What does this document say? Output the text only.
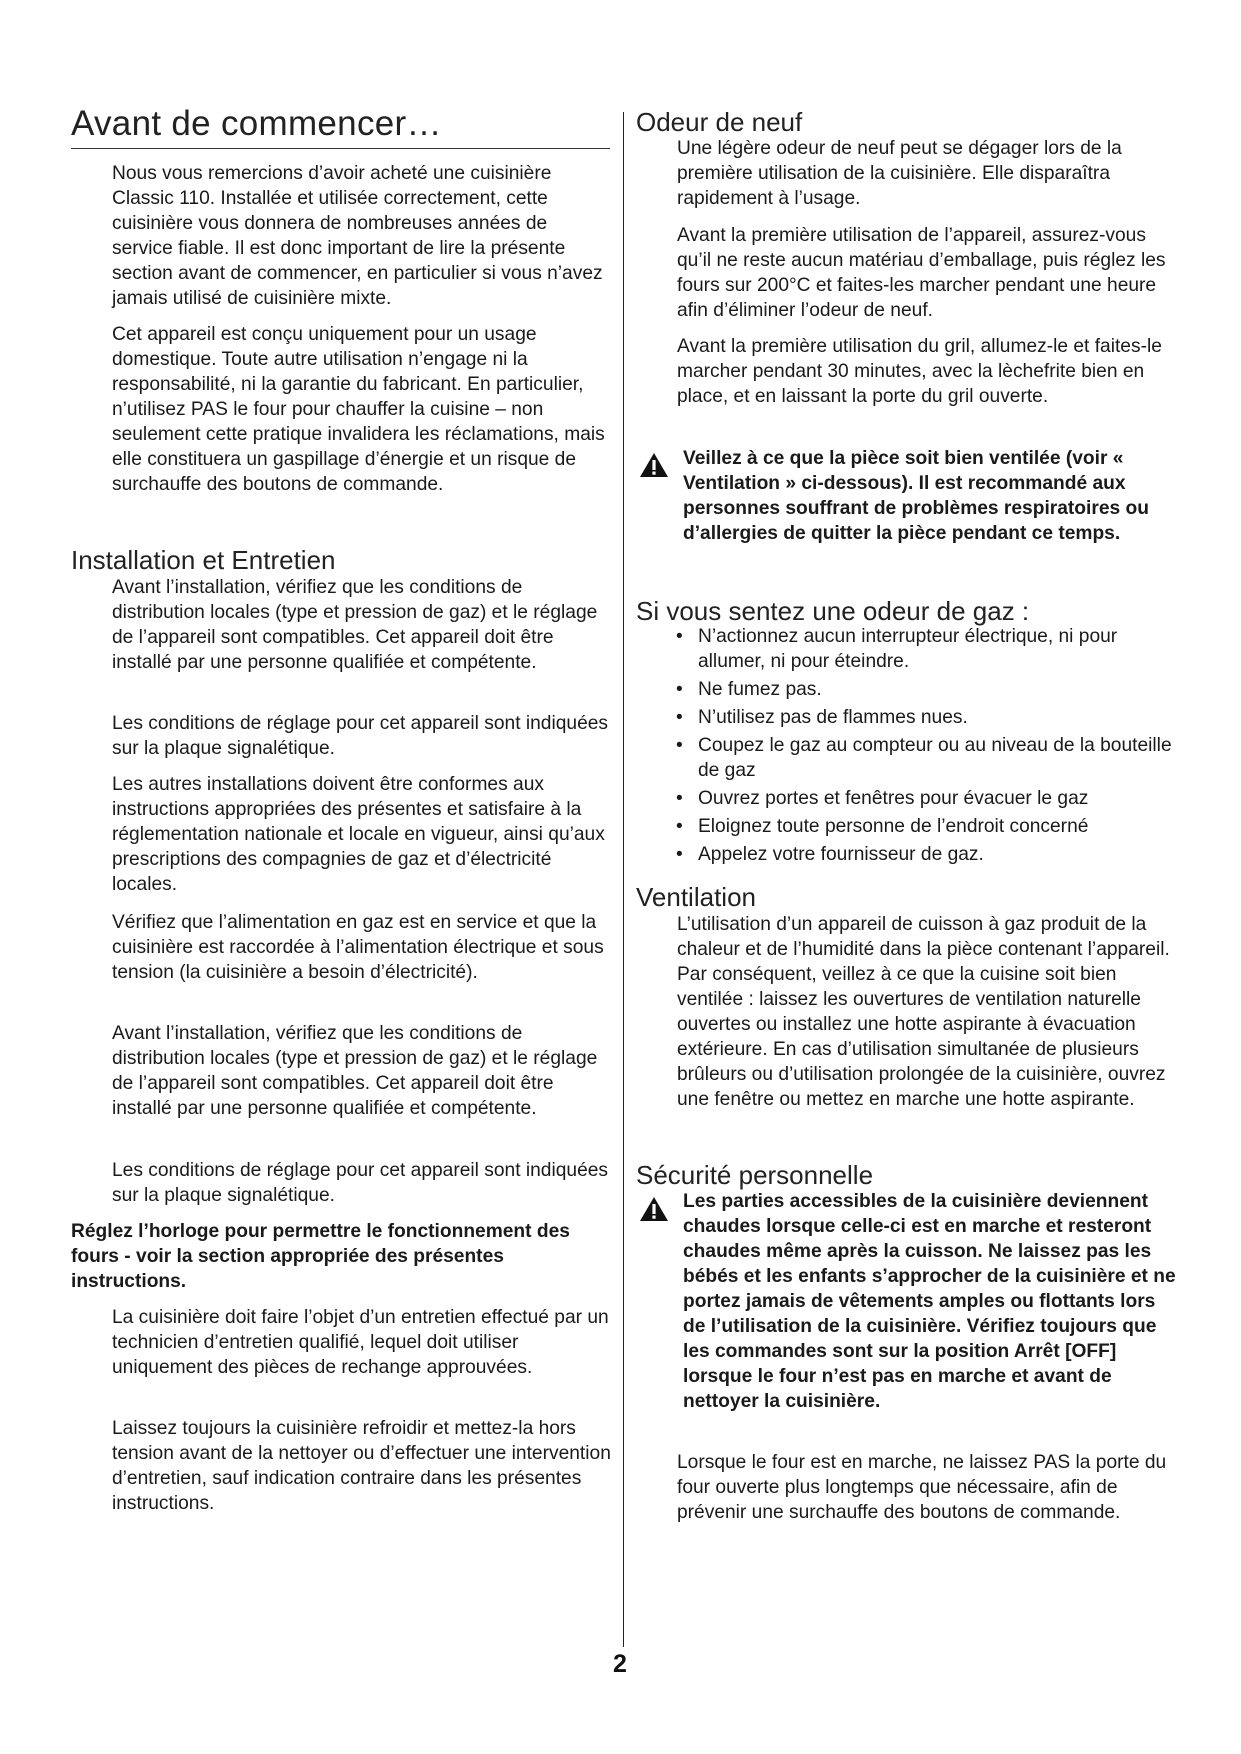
Avant de commencer…

Nous vous remercions d’avoir acheté une cuisinière Classic 110. Installée et utilisée correctement, cette cuisinière vous donnera de nombreuses années de service fiable. Il est donc important de lire la présente section avant de commencer, en particulier si vous n’avez jamais utilisé de cuisinière mixte.

Cet appareil est conçu uniquement pour un usage domestique. Toute autre utilisation n’engage ni la responsabilité, ni la garantie du fabricant. En particulier, n’utilisez PAS le four pour chauffer la cuisine – non seulement cette pratique invalidera les réclamations, mais elle constituera un gaspillage d’énergie et un risque de surchauffe des boutons de commande.

Installation et Entretien

Avant l’installation, vérifiez que les conditions de distribution locales (type et pression de gaz) et le réglage de l’appareil sont compatibles. Cet appareil doit être installé par une personne qualifiée et compétente.

Les conditions de réglage pour cet appareil sont indiquées sur la plaque signalétique.

Les autres installations doivent être conformes aux instructions appropriées des présentes et satisfaire à la réglementation nationale et locale en vigueur, ainsi qu’aux prescriptions des compagnies de gaz et d’électricité locales.

Vérifiez que l’alimentation en gaz est en service et que la cuisinière est raccordée à l’alimentation électrique et sous tension (la cuisinière a besoin d’électricité).

Avant l’installation, vérifiez que les conditions de distribution locales (type et pression de gaz) et le réglage de l’appareil sont compatibles. Cet appareil doit être installé par une personne qualifiée et compétente.

Les conditions de réglage pour cet appareil sont indiquées sur la plaque signalétique.

Réglez l’horloge pour permettre le fonctionnement des fours - voir la section appropriée des présentes instructions.

La cuisinière doit faire l’objet d’un entretien effectué par un technicien d’entretien qualifié, lequel doit utiliser uniquement des pièces de rechange approuvées.

Laissez toujours la cuisinière refroidir et mettez-la hors tension avant de la nettoyer ou d’effectuer une intervention d’entretien, sauf indication contraire dans les présentes instructions.

Odeur de neuf

Une légère odeur de neuf peut se dégager lors de la première utilisation de la cuisinière. Elle disparaîtra rapidement à l’usage.

Avant la première utilisation de l’appareil, assurez-vous qu’il ne reste aucun matériau d’emballage, puis réglez les fours sur 200°C et faites-les marcher pendant une heure afin d’éliminer l’odeur de neuf.

Avant la première utilisation du gril, allumez-le et faites-le marcher pendant 30 minutes, avec la lèchefrite bien en place, et en laissant la porte du gril ouverte.

Veillez à ce que la pièce soit bien ventilée (voir « Ventilation » ci-dessous). Il est recommandé aux personnes souffrant de problèmes respiratoires ou d’allergies de quitter la pièce pendant ce temps.

Si vous sentez une odeur de gaz :
• N’actionnez aucun interrupteur électrique, ni pour allumer, ni pour éteindre.
• Ne fumez pas.
• N’utilisez pas de flammes nues.
• Coupez le gaz au compteur ou au niveau de la bouteille de gaz
• Ouvrez portes et fenêtres pour évacuer le gaz
• Eloignez toute personne de l’endroit concerné
• Appelez votre fournisseur de gaz.
Ventilation

L’utilisation d’un appareil de cuisson à gaz produit de la chaleur et de l’humidité dans la pièce contenant l’appareil. Par conséquent, veillez à ce que la cuisine soit bien ventilée : laissez les ouvertures de ventilation naturelle ouvertes ou installez une hotte aspirante à évacuation extérieure. En cas d’utilisation simultanée de plusieurs brûleurs ou d’utilisation prolongée de la cuisinière, ouvrez une fenêtre ou mettez en marche une hotte aspirante.

Sécurité personnelle

Les parties accessibles de la cuisinière deviennent chaudes lorsque celle-ci est en marche et resteront chaudes même après la cuisson. Ne laissez pas les bébés et les enfants s’approcher de la cuisinière et ne portez jamais de vêtements amples ou flottants lors de l’utilisation de la cuisinière. Vérifiez toujours que les commandes sont sur la position Arrêt [OFF] lorsque le four n’est pas en marche et avant de nettoyer la cuisinière.

Lorsque le four est en marche, ne laissez PAS la porte du four ouverte plus longtemps que nécessaire, afin de prévenir une surchauffe des boutons de commande.

2
